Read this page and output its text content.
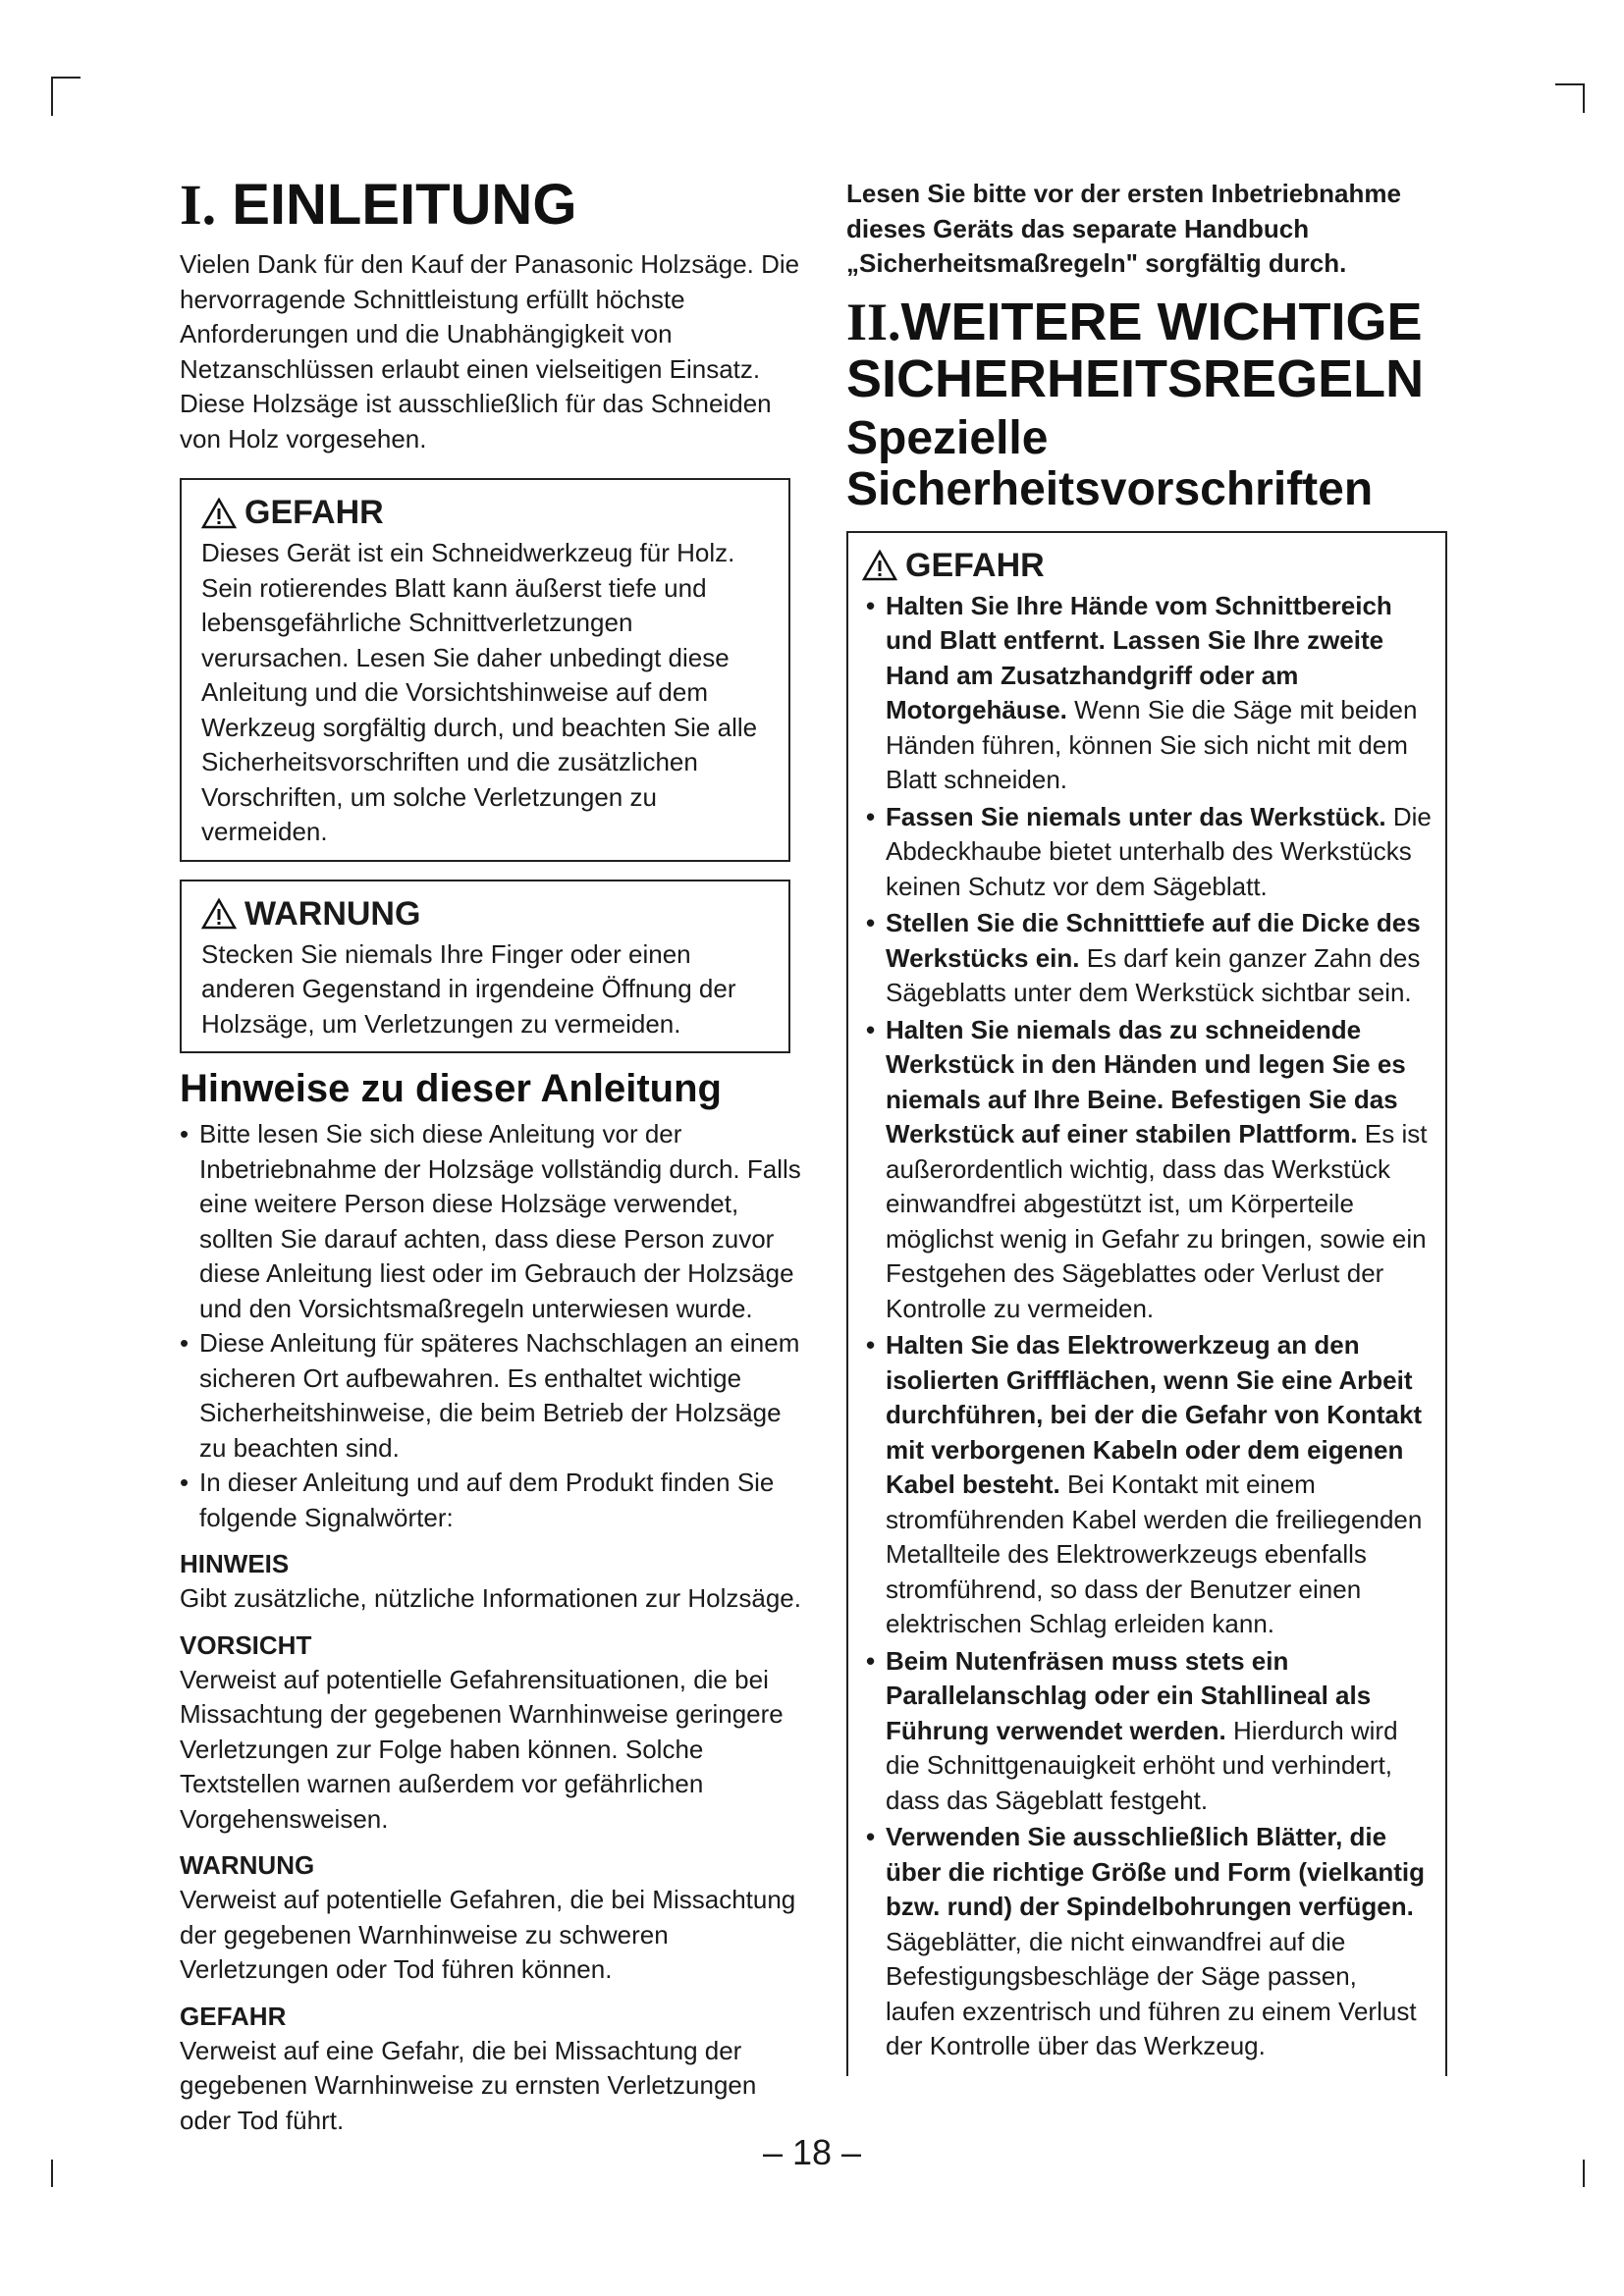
I. EINLEITUNG

Vielen Dank für den Kauf der Panasonic Holzsäge. Die hervorragende Schnittleistung erfüllt höchste Anforderungen und die Unabhängigkeit von Netzanschlüssen erlaubt einen vielseitigen Einsatz. Diese Holzsäge ist ausschließlich für das Schneiden von Holz vorgesehen.

GEFAHR

Dieses Gerät ist ein Schneidwerkzeug für Holz. Sein rotierendes Blatt kann äußerst tiefe und lebensgefährliche Schnittverletzungen verursachen. Lesen Sie daher unbedingt diese Anleitung und die Vorsichtshinweise auf dem Werkzeug sorgfältig durch, und beachten Sie alle Sicherheitsvorschriften und die zusätzlichen Vorschriften, um solche Verletzungen zu vermeiden.

WARNUNG

Stecken Sie niemals Ihre Finger oder einen anderen Gegenstand in irgendeine Öffnung der Holzsäge, um Verletzungen zu vermeiden.

Hinweise zu dieser Anleitung
• Bitte lesen Sie sich diese Anleitung vor der Inbetriebnahme der Holzsäge vollständig durch. Falls eine weitere Person diese Holzsäge verwendet, sollten Sie darauf achten, dass diese Person zuvor diese Anleitung liest oder im Gebrauch der Holzsäge und den Vorsichtsmaßregeln unterwiesen wurde.
• Diese Anleitung für späteres Nachschlagen an einem sicheren Ort aufbewahren. Es enthaltet wichtige Sicherheitshinweise, die beim Betrieb der Holzsäge zu beachten sind.
• In dieser Anleitung und auf dem Produkt finden Sie folgende Signalwörter:
HINWEIS

Gibt zusätzliche, nützliche Informationen zur Holzsäge.

VORSICHT

Verweist auf potentielle Gefahrensituationen, die bei Missachtung der gegebenen Warnhinweise geringere Verletzungen zur Folge haben können. Solche Textstellen warnen außerdem vor gefährlichen Vorgehensweisen.

WARNUNG

Verweist auf potentielle Gefahren, die bei Missachtung der gegebenen Warnhinweise zu schweren Verletzungen oder Tod führen können.

GEFAHR

Verweist auf eine Gefahr, die bei Missachtung der gegebenen Warnhinweise zu ernsten Verletzungen oder Tod führt.

Lesen Sie bitte vor der ersten Inbetriebnahme dieses Geräts das separate Handbuch „Sicherheitsmaßregeln" sorgfältig durch.

II.WEITERE WICHTIGE SICHERHEITSREGELN
Spezielle Sicherheitsvorschriften
GEFAHR
• Halten Sie Ihre Hände vom Schnittbereich und Blatt entfernt. Lassen Sie Ihre zweite Hand am Zusatzhandgriff oder am Motorgehäuse. Wenn Sie die Säge mit beiden Händen führen, können Sie sich nicht mit dem Blatt schneiden.
• Fassen Sie niemals unter das Werkstück. Die Abdeckhaube bietet unterhalb des Werkstücks keinen Schutz vor dem Sägeblatt.
• Stellen Sie die Schnitttiefe auf die Dicke des Werkstücks ein. Es darf kein ganzer Zahn des Sägeblatts unter dem Werkstück sichtbar sein.
• Halten Sie niemals das zu schneidende Werkstück in den Händen und legen Sie es niemals auf Ihre Beine. Befestigen Sie das Werkstück auf einer stabilen Plattform. Es ist außerordentlich wichtig, dass das Werkstück einwandfrei abgestützt ist, um Körperteile möglichst wenig in Gefahr zu bringen, sowie ein Festgehen des Sägeblattes oder Verlust der Kontrolle zu vermeiden.
• Halten Sie das Elektrowerkzeug an den isolierten Griffflächen, wenn Sie eine Arbeit durchführen, bei der die Gefahr von Kontakt mit verborgenen Kabeln oder dem eigenen Kabel besteht. Bei Kontakt mit einem stromführenden Kabel werden die freiliegenden Metallteile des Elektrowerkzeugs ebenfalls stromführend, so dass der Benutzer einen elektrischen Schlag erleiden kann.
• Beim Nutenfräsen muss stets ein Parallelanschlag oder ein Stahllineal als Führung verwendet werden. Hierdurch wird die Schnittgenauigkeit erhöht und verhindert, dass das Sägeblatt festgeht.
• Verwenden Sie ausschließlich Blätter, die über die richtige Größe und Form (vielkantig bzw. rund) der Spindelbohrungen verfügen. Sägeblätter, die nicht einwandfrei auf die Befestigungsbeschläge der Säge passen, laufen exzentrisch und führen zu einem Verlust der Kontrolle über das Werkzeug.
– 18 –
